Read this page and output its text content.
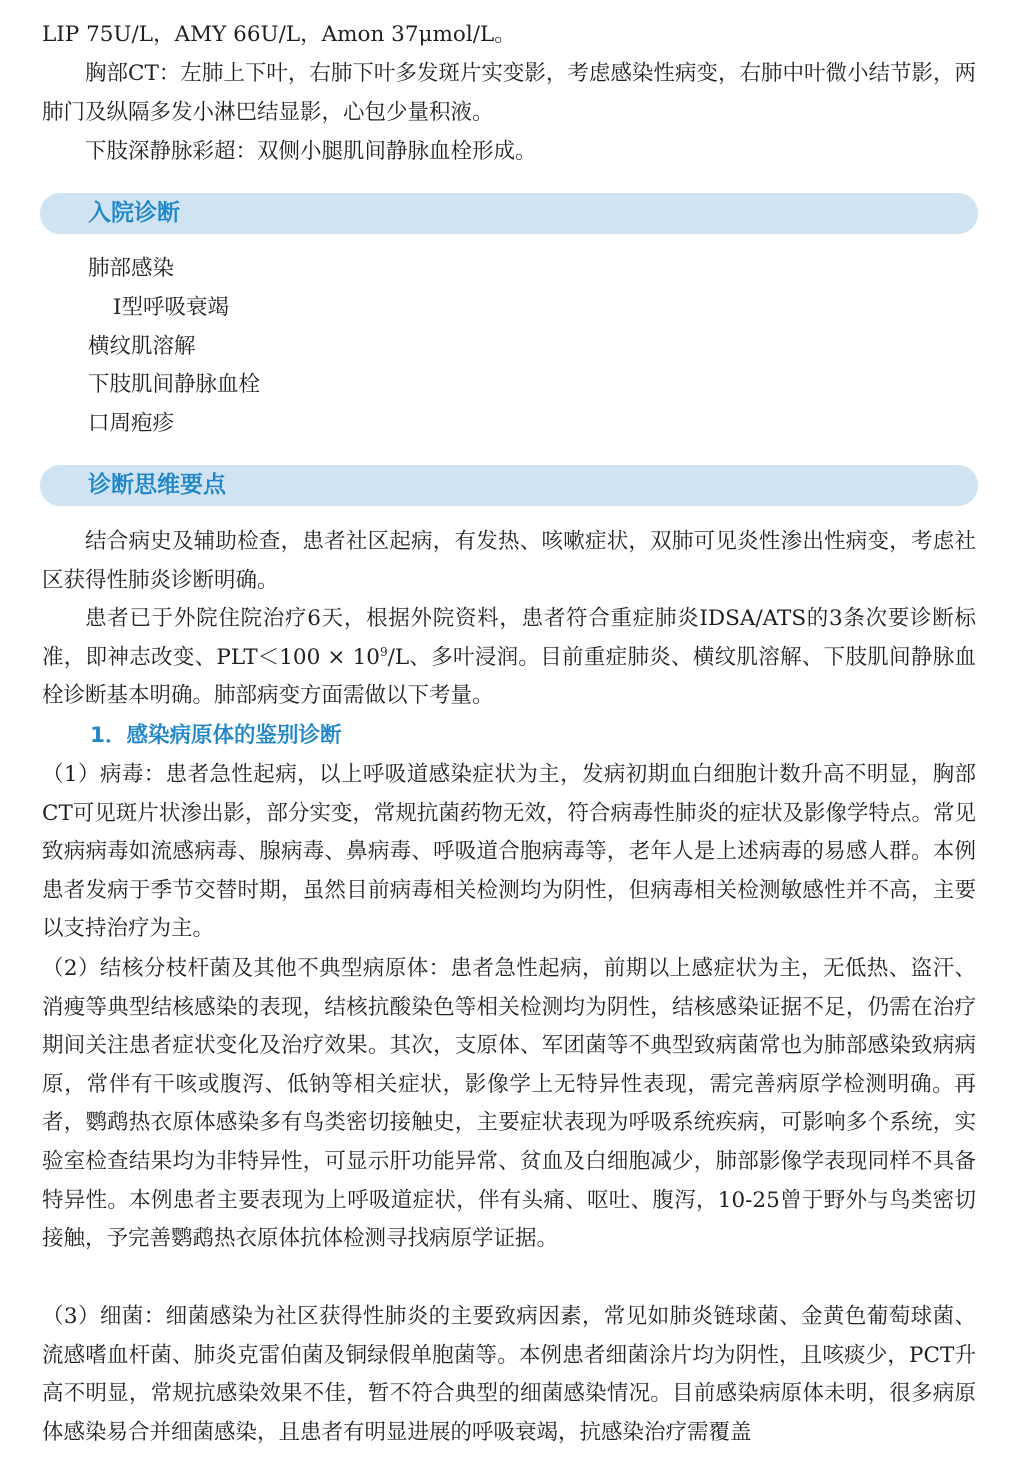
LIP 75U/L，AMY 66U/L，Amon 37μmol/L。

胸部CT：左肺上下叶，右肺下叶多发斑片实变影，考虑感染性病变，右肺中叶微小结节影，两肺门及纵隔多发小淋巴结显影，心包少量积液。

下肢深静脉彩超：双侧小腿肌间静脉血栓形成。

入院诊断

肺部感染

Ⅰ型呼吸衰竭

横纹肌溶解

下肢肌间静脉血栓

口周疱疹

诊断思维要点

结合病史及辅助检查，患者社区起病，有发热、咳嗽症状，双肺可见炎性渗出性病变，考虑社区获得性肺炎诊断明确。

患者已于外院住院治疗6天，根据外院资料，患者符合重症肺炎IDSA/ATS的3条次要诊断标准，即神志改变、$PLT<100 \times 10^9/L$、多叶浸润。目前重症肺炎、横纹肌溶解、下肢肌间静脉血栓诊断基本明确。肺部病变方面需做以下考量。

1．感染病原体的鉴别诊断

（1）病毒：患者急性起病，以上呼吸道感染症状为主，发病初期血白细胞计数升高不明显，胸部CT可见斑片状渗出影，部分实变，常规抗菌药物无效，符合病毒性肺炎的症状及影像学特点。常见致病病毒如流感病毒、腺病毒、鼻病毒、呼吸道合胞病毒等，老年人是上述病毒的易感人群。本例患者发病于季节交替时期，虽然目前病毒相关检测均为阴性，但病毒相关检测敏感性并不高，主要以支持治疗为主。

（2）结核分枝杆菌及其他不典型病原体：患者急性起病，前期以上感症状为主，无低热、盗汗、消瘦等典型结核感染的表现，结核抗酸染色等相关检测均为阴性，结核感染证据不足，仍需在治疗期间关注患者症状变化及治疗效果。其次，支原体、军团菌等不典型致病菌常也为肺部感染致病病原，常伴有干咳或腹泻、低钠等相关症状，影像学上无特异性表现，需完善病原学检测明确。再者，鹦鹉热衣原体感染多有鸟类密切接触史，主要症状表现为呼吸系统疾病，可影响多个系统，实验室检查结果均为非特异性，可显示肝功能异常、贫血及白细胞减少，肺部影像学表现同样不具备特异性。本例患者主要表现为上呼吸道症状，伴有头痛、呕吐、腹泻，10-25曾于野外与鸟类密切接触，予完善鹦鹉热衣原体抗体检测寻找病原学证据。

（3）细菌：细菌感染为社区获得性肺炎的主要致病因素，常见如肺炎链球菌、金黄色葡萄球菌、流感嗜血杆菌、肺炎克雷伯菌及铜绿假单胞菌等。本例患者细菌涂片均为阴性，且咳痰少，PCT升高不明显，常规抗感染效果不佳，暂不符合典型的细菌感染情况。目前感染病原体未明，很多病原体感染易合并细菌感染，且患者有明显进展的呼吸衰竭，抗感染治疗需覆盖
